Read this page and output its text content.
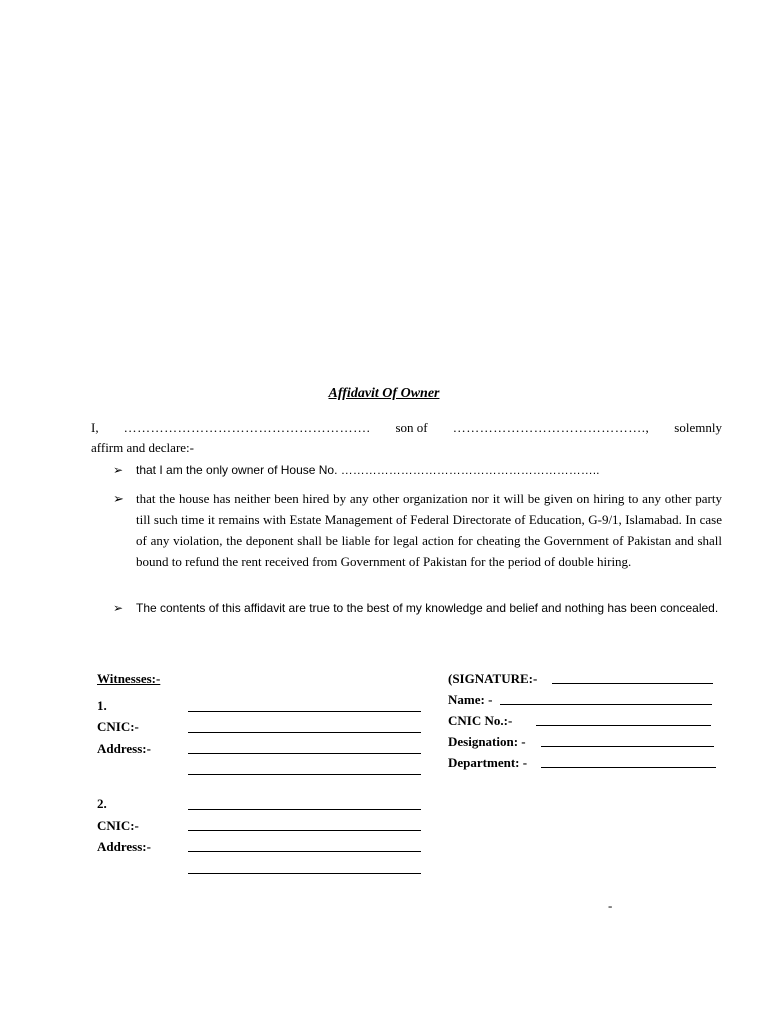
Affidavit Of Owner
I, ………………………………………………. son of ……………………………………., solemnly
affirm and declare:-
➢ that I am the only owner of House No. ………………………………………………………..
➢ that the house has neither been hired by any other organization nor it will be given on hiring to any other party till such time it remains with Estate Management of Federal Directorate of Education, G-9/1, Islamabad. In case of any violation, the deponent shall be liable for legal action for cheating the Government of Pakistan and shall bound to refund the rent received from Government of Pakistan for the period of double hiring.
➢ The contents of this affidavit are true to the best of my knowledge and belief and nothing has been concealed.
Witnesses:-
1.
CNIC:-
Address:-
2.
CNIC:-
Address:-
(SIGNATURE:-
Name: -
CNIC No.:-
Designation: -
Department: -
-
